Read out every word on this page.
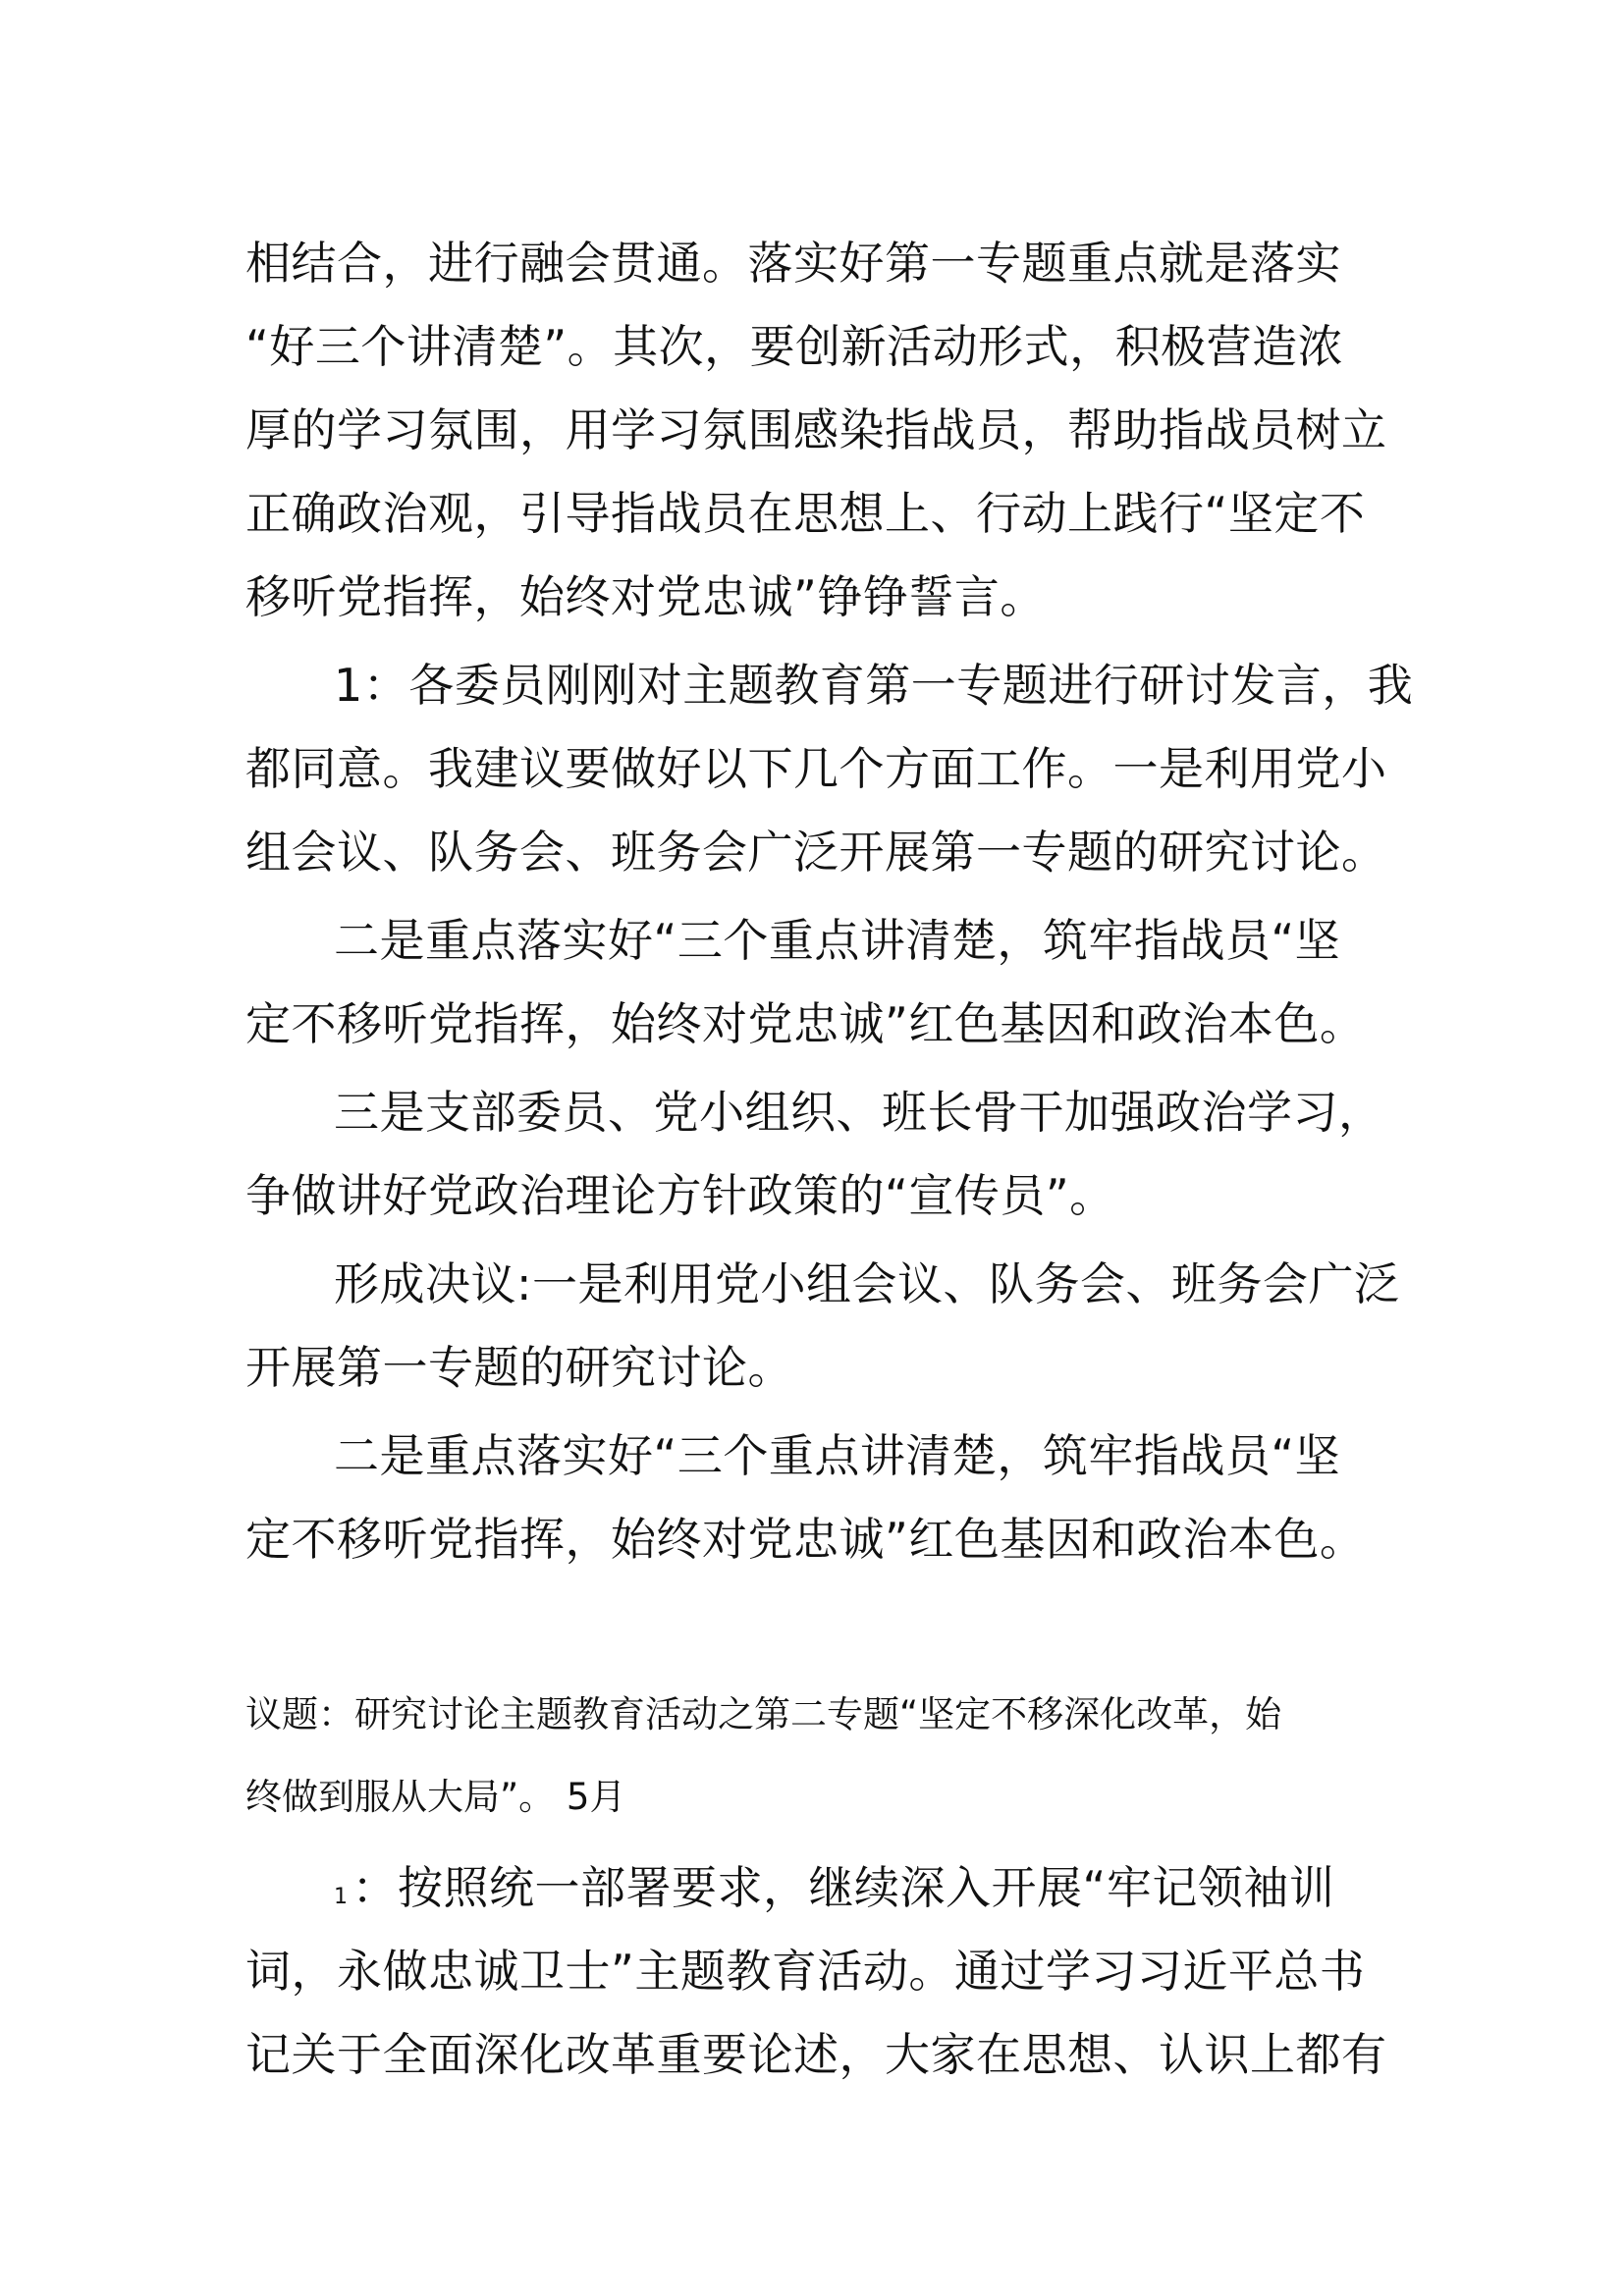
相结合，进行融会贯通。落实好第一专题重点就是落实
“好三个讲清楚”。其次，要创新活动形式，积极营造浓
厚的学习氛围，用学习氛围感染指战员，帮助指战员树立
正确政治观，引导指战员在思想上、行动上践行“坚定不
移听党指挥，始终对党忠诚”铮铮誓言。
1：各委员刚刚对主题教育第一专题进行研讨发言，我
都同意。我建议要做好以下几个方面工作。一是利用党小
组会议、队务会、班务会广泛开展第一专题的研究讨论。
二是重点落实好“三个重点讲清楚，筑牢指战员“坚
定不移听党指挥，始终对党忠诚”红色基因和政治本色。
三是支部委员、党小组织、班长骨干加强政治学习，
争做讲好党政治理论方针政策的“宣传员”。
形成决议:一是利用党小组会议、队务会、班务会广泛
开展第一专题的研究讨论。
二是重点落实好“三个重点讲清楚，筑牢指战员“坚
定不移听党指挥，始终对党忠诚”红色基因和政治本色。
议题：研究讨论主题教育活动之第二专题“坚定不移深化改革，始
终做到服从大局”。 5月
1：按照统一部署要求，继续深入开展“牢记领袖训
词，永做忠诚卫士”主题教育活动。通过学习习近平总书
记关于全面深化改革重要论述，大家在思想、认识上都有
